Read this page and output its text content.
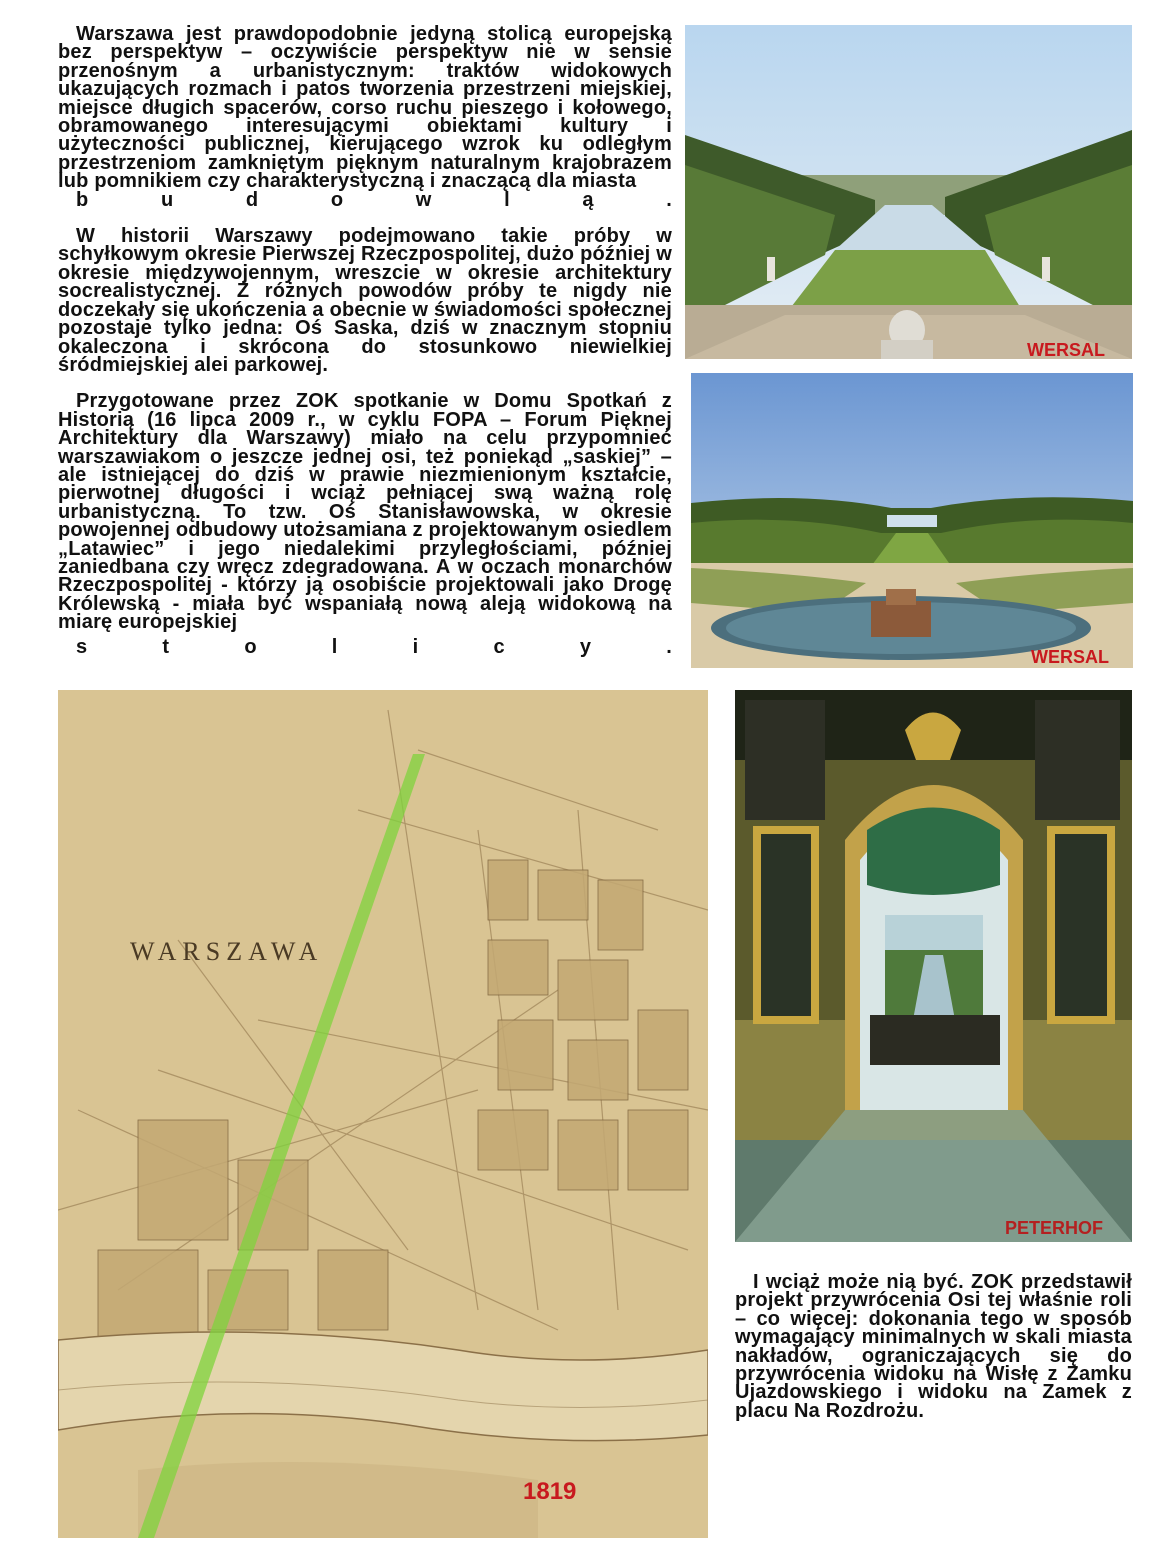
Warszawa jest prawdopodobnie jedyną stolicą europejską bez perspektyw – oczywiście perspektyw nie w sensie przenośnym a urbanistycznym: traktów widokowych ukazujących rozmach i patos tworzenia przestrzeni miejskiej, miejsce długich spacerów, corso ruchu pieszego i kołowego, obramowanego interesującymi obiektami kultury i użyteczności publicznej, kierującego wzrok ku odległym przestrzeniom zamkniętym pięknym naturalnym krajobrazem lub pomnikiem czy charakterystyczną i znaczącą dla miasta

b u d o w l ą .

W historii Warszawy podejmowano takie próby w schyłkowym okresie Pierwszej Rzeczpospolitej, dużo później w okresie międzywojennym, wreszcie w okresie architektury socrealistycznej. Z różnych powodów próby te nigdy nie doczekały się ukończenia a obecnie w świadomości społecznej pozostaje tylko jedna: Oś Saska, dziś w znacznym stopniu okaleczona i skrócona do stosunkowo niewielkiej śródmiejskiej alei parkowej.

Przygotowane przez ZOK spotkanie w Domu Spotkań z Historią (16 lipca 2009 r., w cyklu FOPA – Forum Pięknej Architektury dla Warszawy) miało na celu przypomnieć warszawiakom o jeszcze jednej osi, też poniekąd „saskiej” – ale istniejącej do dziś w prawie niezmienionym kształcie, pierwotnej długości i wciąż pełniącej swą ważną rolę urbanistyczną. To tzw. Oś Stanisławowska, w okresie powojennej odbudowy utożsamiana z projektowanym osiedlem „Latawiec” i jego niedalekimi przyległościami, później zaniedbana czy wręcz zdegradowana. A w oczach monarchów Rzeczpospolitej - którzy ją osobiście projektowali jako Drogę Królewską - miała być wspaniałą nową aleją widokową na miarę europejskiej

s t o l i c y .

WERSAL
WERSAL
WARSZAWA
1819
PETERHOF

I wciąż może nią być. ZOK przedstawił projekt przywrócenia Osi tej właśnie roli – co więcej: dokonania tego w sposób wymagający minimalnych w skali miasta nakładów, ograniczających się do przywrócenia widoku na Wisłę z Zamku Ujazdowskiego i widoku na Zamek z placu Na Rozdrożu.
